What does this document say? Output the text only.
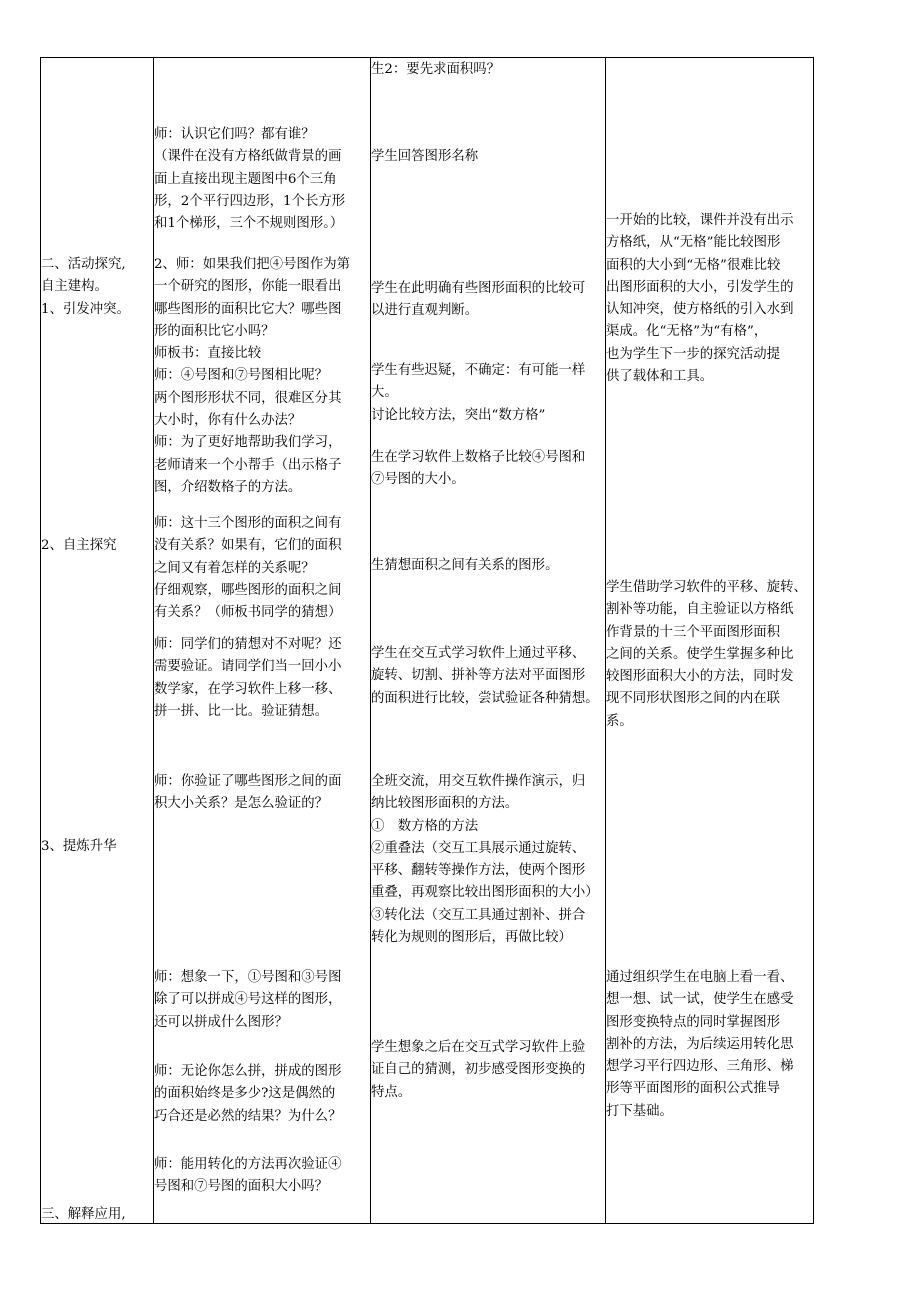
二、活动探究,
自主建构。
1、引发冲突。
2、自主探究
3、提炼升华
三、解释应用,
师：认识它们吗？都有谁？
（课件在没有方格纸做背景的画
面上直接出现主题图中6个三角
形，2个平行四边形，1个长方形
和1个梯形，三个不规则图形。）
2、师：如果我们把④号图作为第
一个研究的图形，你能一眼看出
哪些图形的面积比它大？哪些图
形的面积比它小吗？
师板书：直接比较
师：④号图和⑦号图相比呢？
两个图形形状不同，很难区分其
大小时，你有什么办法？
师：为了更好地帮助我们学习，
老师请来一个小帮手（出示格子
图，介绍数格子的方法。
师：这十三个图形的面积之间有
没有关系？如果有，它们的面积
之间又有着怎样的关系呢？
仔细观察，哪些图形的面积之间
有关系？（师板书同学的猜想）
师：同学们的猜想对不对呢？还
需要验证。请同学们当一回小小
数学家，在学习软件上移一移、
拼一拼、比一比。验证猜想。
师：你验证了哪些图形之间的面
积大小关系？是怎么验证的？
师：想象一下，①号图和③号图
除了可以拼成④号这样的图形，
还可以拼成什么图形？
师：无论你怎么拼，拼成的图形
的面积始终是多少?这是偶然的
巧合还是必然的结果？为什么？
师：能用转化的方法再次验证④
号图和⑦号图的面积大小吗？
生2：要先求面积吗？
学生回答图形名称
学生在此明确有些图形面积的比较可
以进行直观判断。
学生有些迟疑，不确定：有可能一样
大。
讨论比较方法，突出“数方格”
生在学习软件上数格子比较④号图和
⑦号图的大小。
生猜想面积之间有关系的图形。
学生在交互式学习软件上通过平移、
旋转、切割、拼补等方法对平面图形
的面积进行比较，尝试验证各种猜想。
全班交流，用交互软件操作演示，归
纳比较图形面积的方法。
①　数方格的方法
②重叠法（交互工具展示通过旋转、
平移、翻转等操作方法，使两个图形
重叠，再观察比较出图形面积的大小）
③转化法（交互工具通过割补、拼合
转化为规则的图形后，再做比较）
学生想象之后在交互式学习软件上验
证自己的猜测，初步感受图形变换的
特点。
一开始的比较，课件并没有出示
方格纸，从“无格”能比较图形
面积的大小到“无格”很难比较
出图形面积的大小，引发学生的
认知冲突，使方格纸的引入水到
渠成。化“无格”为“有格”，
也为学生下一步的探究活动提
供了载体和工具。
学生借助学习软件的平移、旋转、
割补等功能，自主验证以方格纸
作背景的十三个平面图形面积
之间的关系。使学生掌握多种比
较图形面积大小的方法，同时发
现不同形状图形之间的内在联
系。
通过组织学生在电脑上看一看、
想一想、试一试，使学生在感受
图形变换特点的同时掌握图形
割补的方法，为后续运用转化思
想学习平行四边形、三角形、梯
形等平面图形的面积公式推导
打下基础。
